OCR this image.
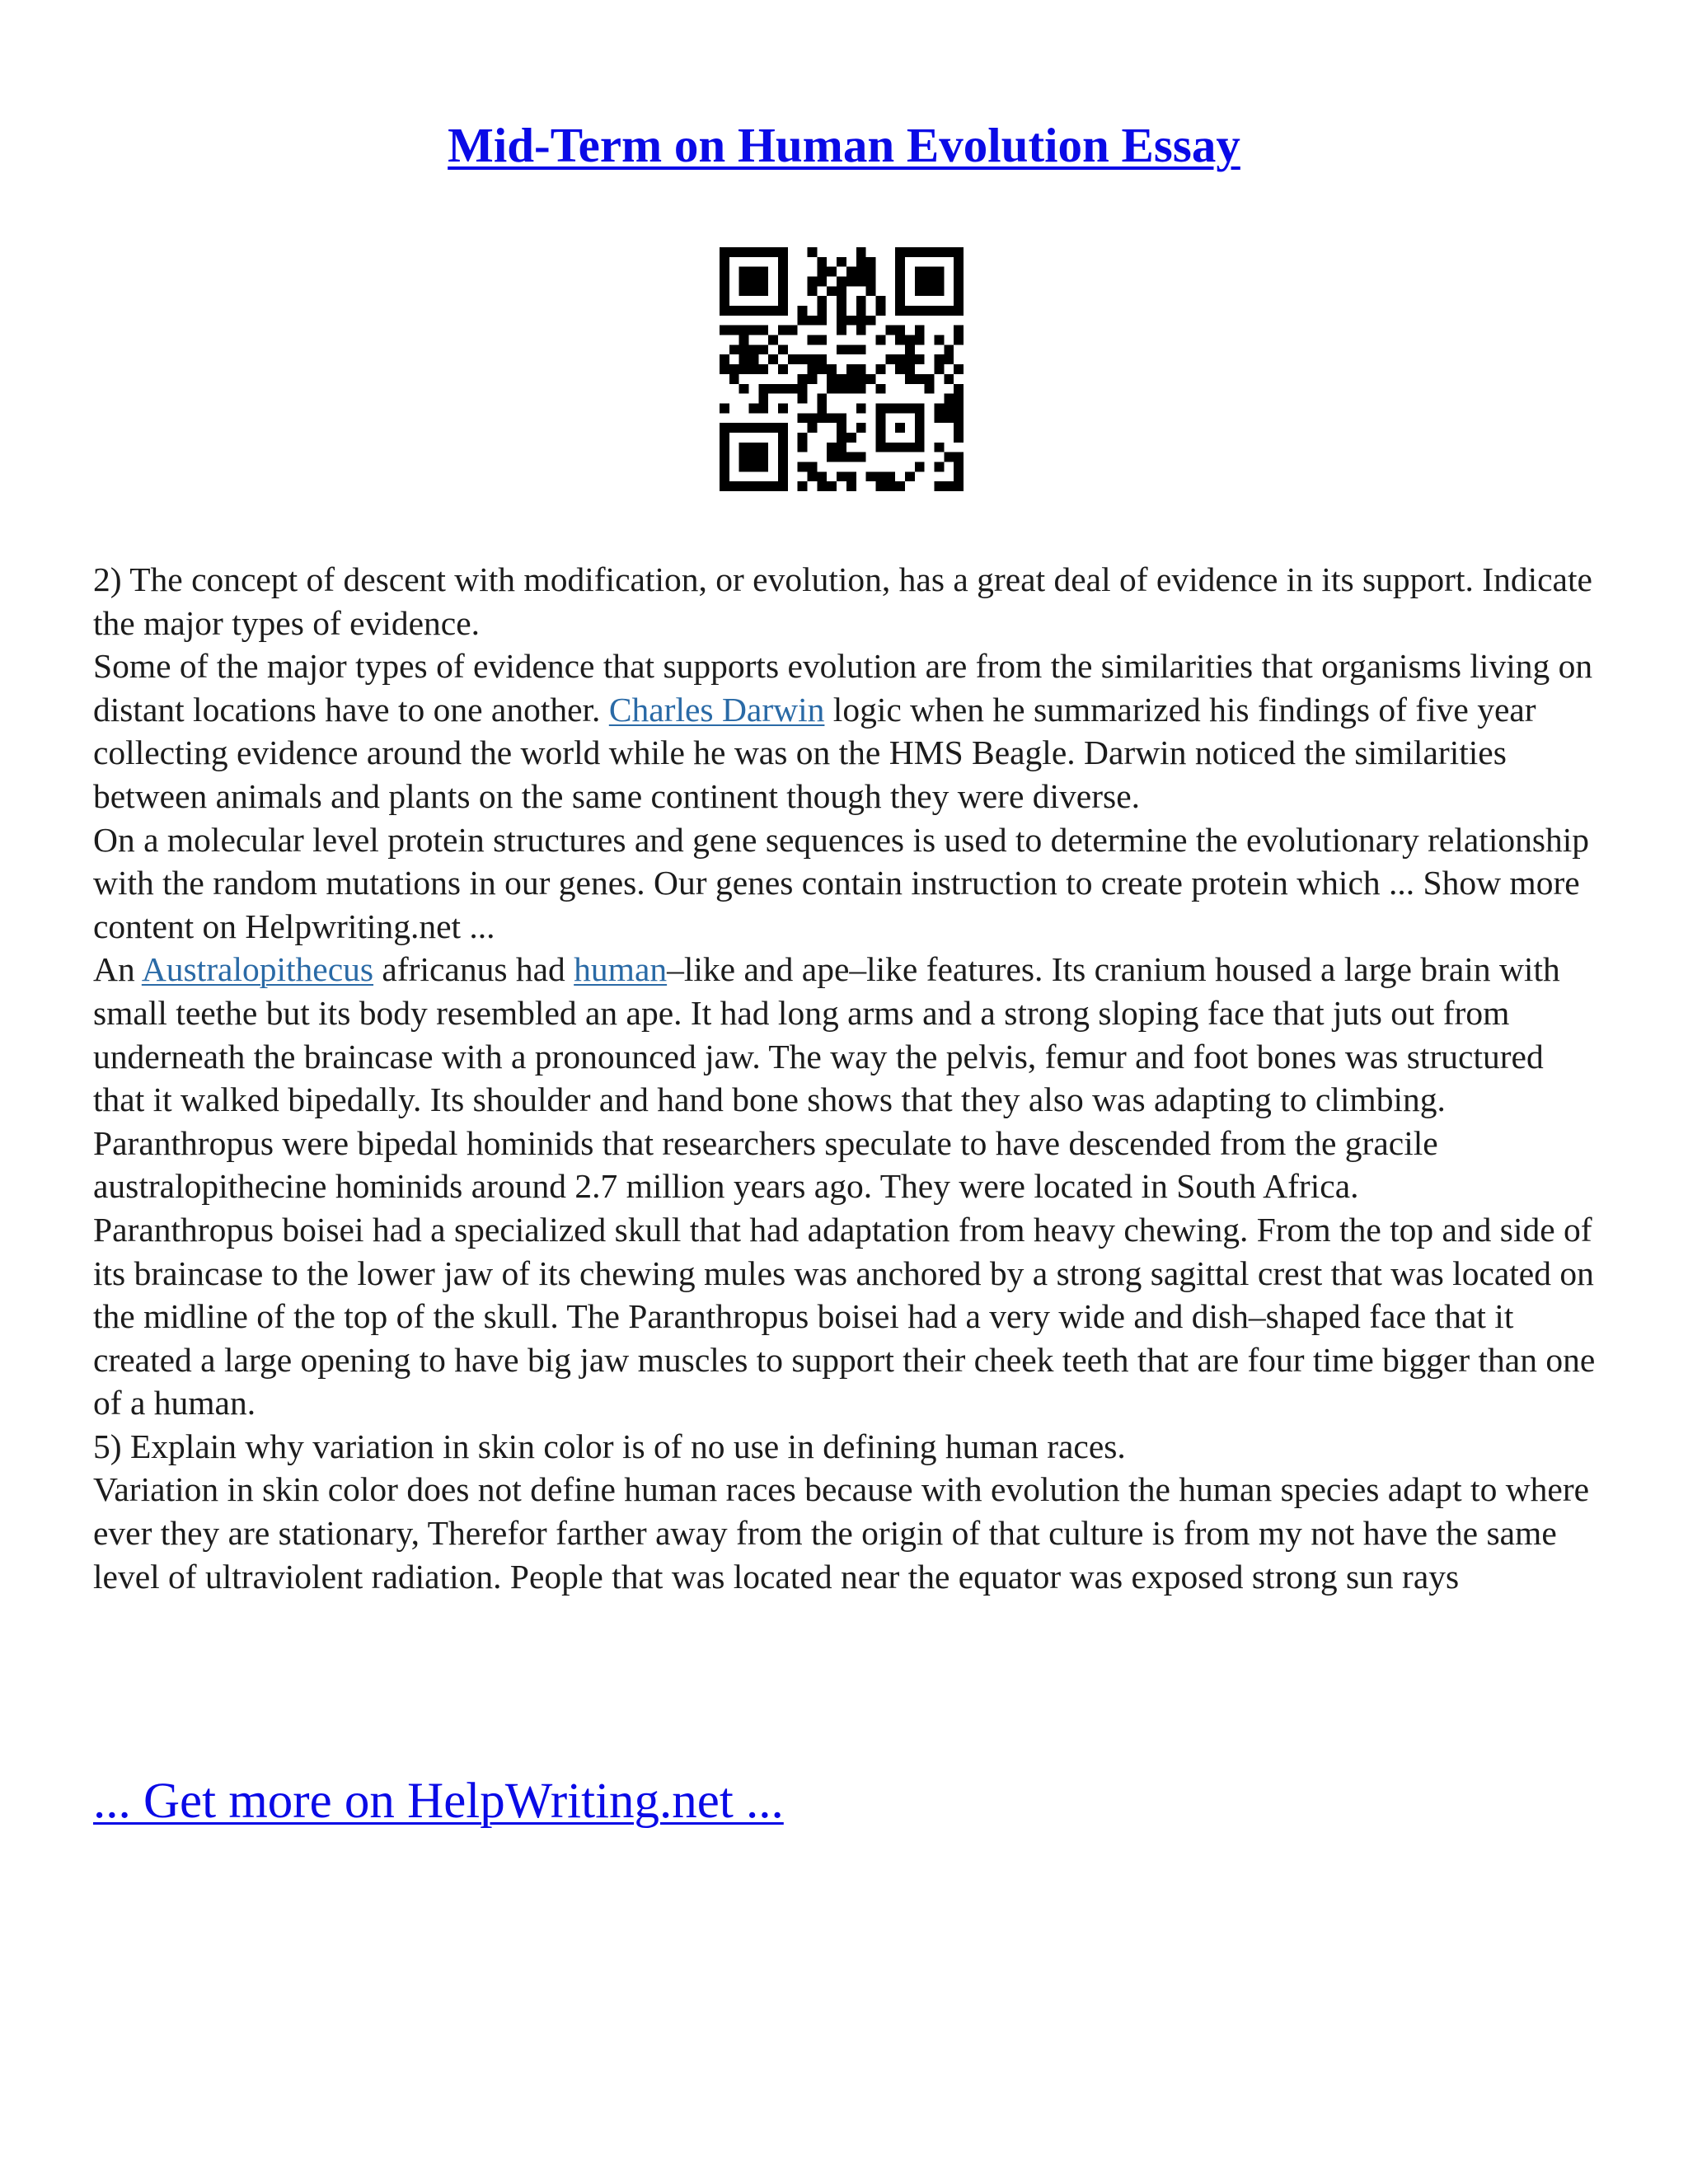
Mid-Term on Human Evolution Essay

2) The concept of descent with modification, or evolution, has a great deal of evidence in its support. Indicate the major types of evidence.

Some of the major types of evidence that supports evolution are from the similarities that organisms living on distant locations have to one another. Charles Darwin logic when he summarized his findings of five year collecting evidence around the world while he was on the HMS Beagle. Darwin noticed the similarities between animals and plants on the same continent though they were diverse.

On a molecular level protein structures and gene sequences is used to determine the evolutionary relationship with the random mutations in our genes. Our genes contain instruction to create protein which ... Show more content on Helpwriting.net ...

An Australopithecus africanus had human–like and ape–like features. Its cranium housed a large brain with small teethe but its body resembled an ape. It had long arms and a strong sloping face that juts out from underneath the braincase with a pronounced jaw. The way the pelvis, femur and foot bones was structured that it walked bipedally. Its shoulder and hand bone shows that they also was adapting to climbing.

Paranthropus were bipedal hominids that researchers speculate to have descended from the gracile australopithecine hominids around 2.7 million years ago. They were located in South Africa.

Paranthropus boisei had a specialized skull that had adaptation from heavy chewing. From the top and side of its braincase to the lower jaw of its chewing mules was anchored by a strong sagittal crest that was located on the midline of the top of the skull. The Paranthropus boisei had a very wide and dish–shaped face that it created a large opening to have big jaw muscles to support their cheek teeth that are four time bigger than one of a human.

5) Explain why variation in skin color is of no use in defining human races.

Variation in skin color does not define human races because with evolution the human species adapt to where ever they are stationary, Therefor farther away from the origin of that culture is from my not have the same level of ultraviolent radiation. People that was located near the equator was exposed strong sun rays

... Get more on HelpWriting.net ...
